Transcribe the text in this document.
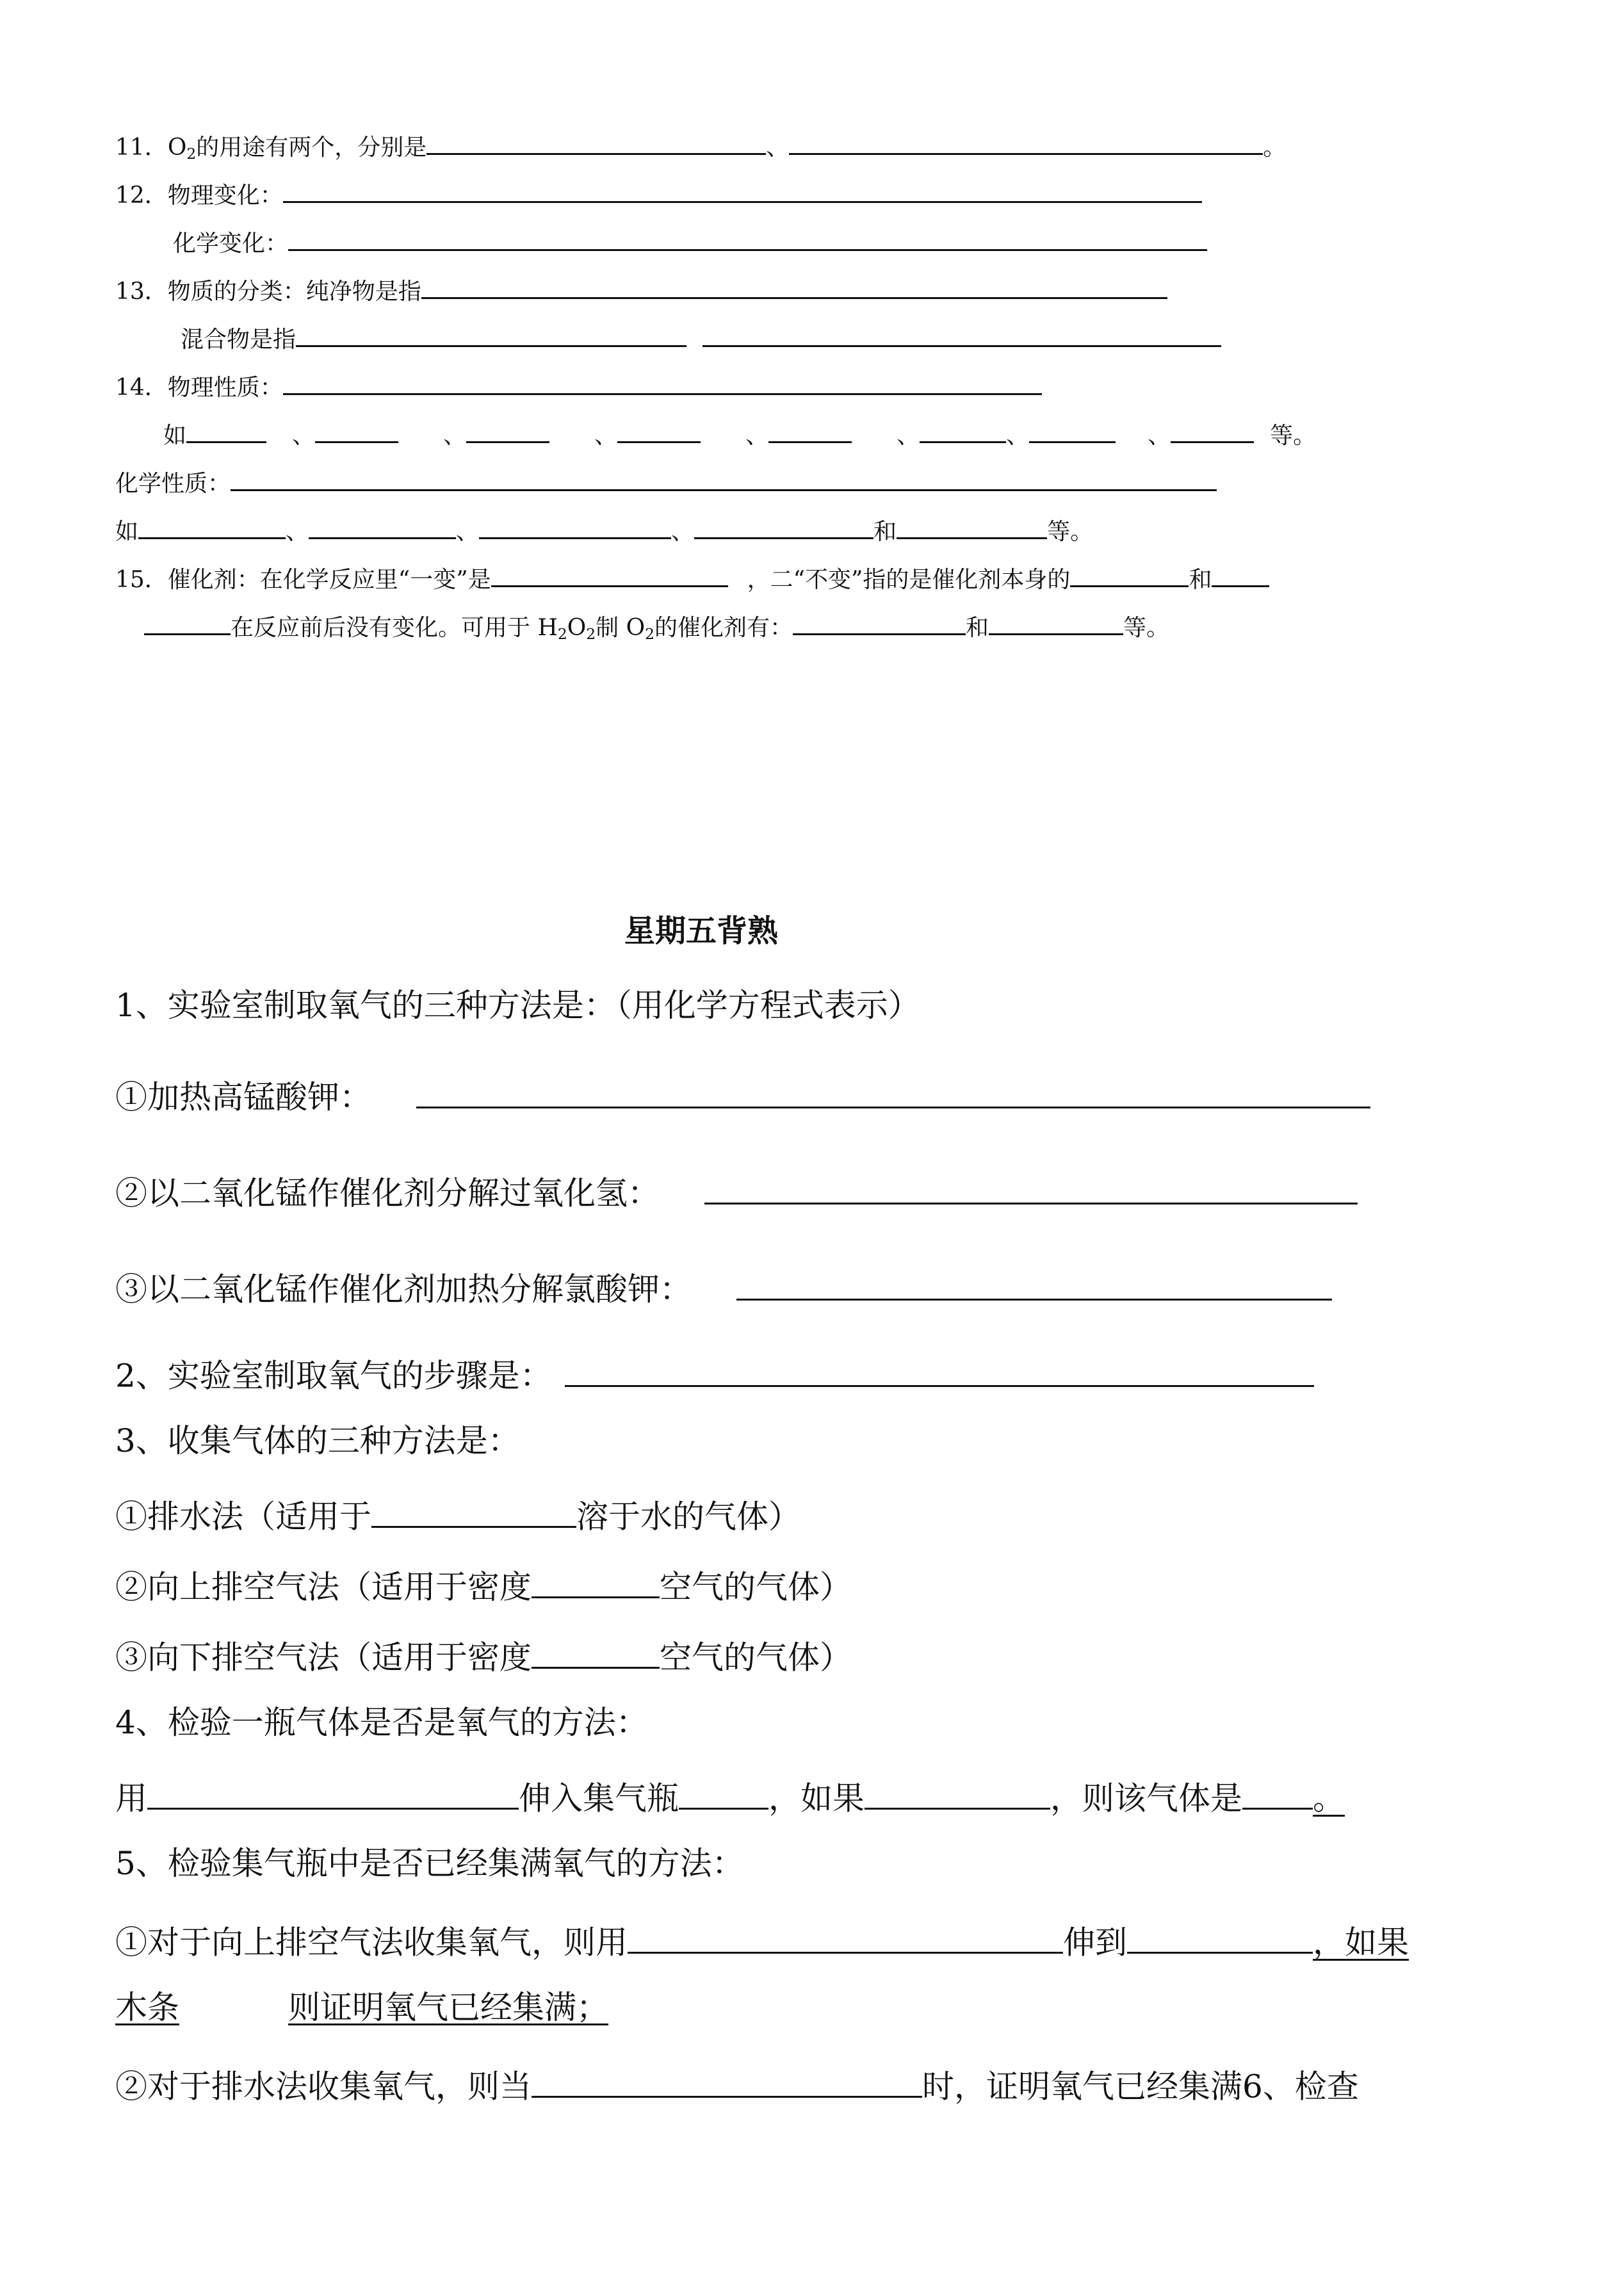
11．$O_2$的用途有两个，分别是	、	。
12．物理变化：
化学变化：
13．物质的分类：纯净物是指
混合物是指
14．物理性质：
如	、	、	、	、	、	、	、	等。
化学性质：
如	、	、	、	和	等。
15．催化剂：在化学反应里“一变”是	，二“不变”指的是催化剂本身的	和
在反应前后没有变化。可用于 $H_2O_2$制 $O_2$的催化剂有：	和	等。
星期五背熟
1、实验室制取氧气的三种方法是：（用化学方程式表示）
①加热高锰酸钾：
②以二氧化锰作催化剂分解过氧化氢：
③以二氧化锰作催化剂加热分解氯酸钾：
2、实验室制取氧气的步骤是：
3、收集气体的三种方法是：
①排水法（适用于	溶于水的气体）
②向上排空气法（适用于密度	空气的气体）
③向下排空气法（适用于密度	空气的气体）
4、检验一瓶气体是否是氧气的方法：
用	伸入集气瓶	，如果	，则该气体是 。
5、检验集气瓶中是否已经集满氧气的方法：
①对于向上排空气法收集氧气，则用	伸到	，如果
木条	则证明氧气已经集满；
②对于排水法收集氧气，则当	时，证明氧气已经集满6、检查
